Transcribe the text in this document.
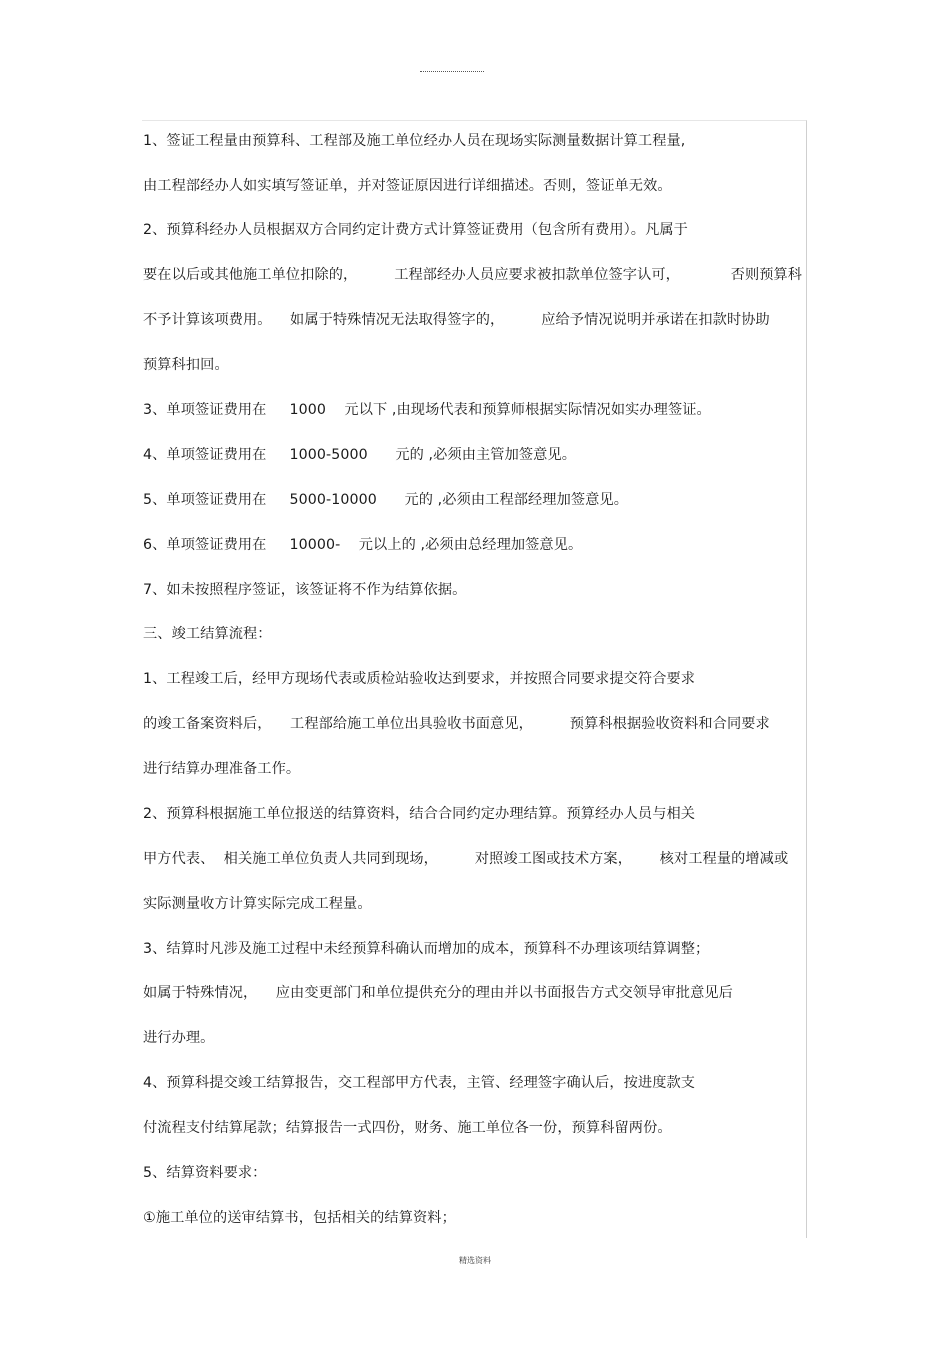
1、签证工程量由预算科、工程部及施工单位经办人员在现场实际测量数据计算工程量,
由工程部经办人如实填写签证单，并对签证原因进行详细描述。否则，签证单无效。
2、预算科经办人员根据双方合同约定计费方式计算签证费用（包含所有费用）。凡属于
要在以后或其他施工单位扣除的，        工程部经办人员应要求被扣款单位签字认可，           否则预算科
不予计算该项费用。    如属于特殊情况无法取得签字的，        应给予情况说明并承诺在扣款时协助
预算科扣回。
3、单项签证费用在     1000    元以下 ,由现场代表和预算师根据实际情况如实办理签证。
4、单项签证费用在     1000-5000      元的 ,必须由主管加签意见。
5、单项签证费用在     5000-10000      元的 ,必须由工程部经理加签意见。
6、单项签证费用在     10000-    元以上的 ,必须由总经理加签意见。
7、如未按照程序签证，该签证将不作为结算依据。
三、竣工结算流程：
1、工程竣工后，经甲方现场代表或质检站验收达到要求，并按照合同要求提交符合要求
的竣工备案资料后，    工程部给施工单位出具验收书面意见，        预算科根据验收资料和合同要求
进行结算办理准备工作。
2、预算科根据施工单位报送的结算资料，结合合同约定办理结算。预算经办人员与相关
甲方代表、  相关施工单位负责人共同到现场，        对照竣工图或技术方案，      核对工程量的增减或
实际测量收方计算实际完成工程量。
3、结算时凡涉及施工过程中未经预算科确认而增加的成本，预算科不办理该项结算调整；
如属于特殊情况，    应由变更部门和单位提供充分的理由并以书面报告方式交领导审批意见后
进行办理。
4、预算科提交竣工结算报告，交工程部甲方代表，主管、经理签字确认后，按进度款支
付流程支付结算尾款；结算报告一式四份，财务、施工单位各一份，预算科留两份。
5、结算资料要求：
①施工单位的送审结算书，包括相关的结算资料；
精选资料
